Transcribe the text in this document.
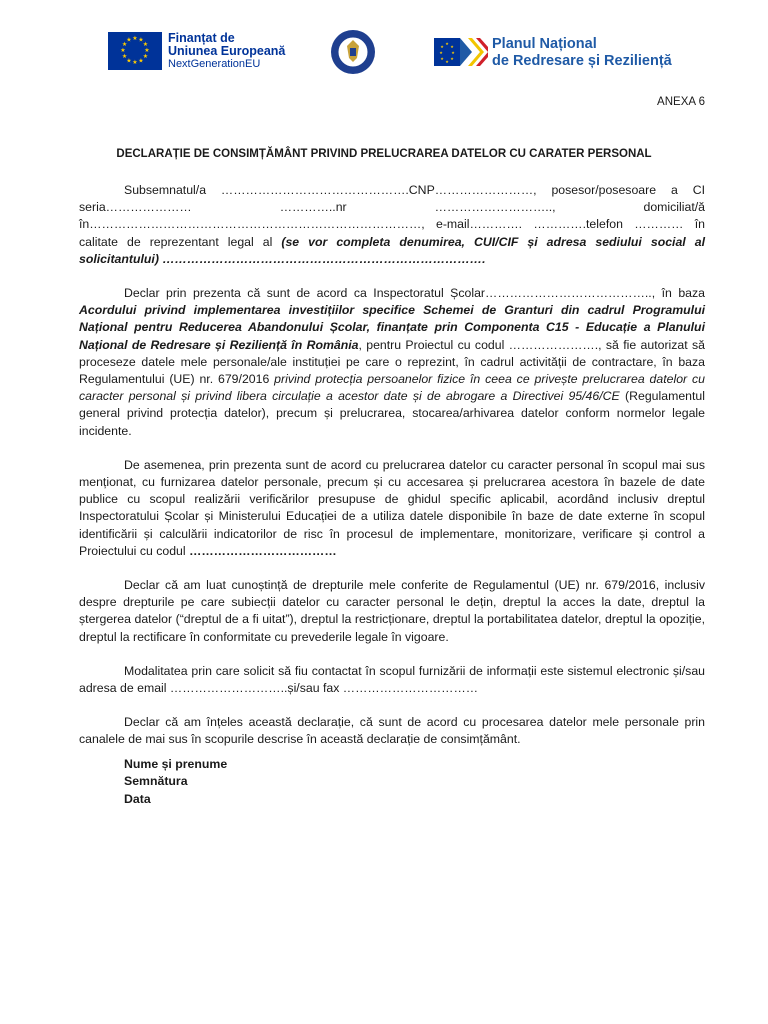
★ ★
★
★
★
★
★
★
★
★
★
★	Finanțat de
Uniunea Europeană
NextGenerationEU
★
★
★
★
★
★
★
★	Planul Național
de Redresare și Reziliență
ANEXA 6
DECLARAȚIE DE CONSIMȚĂMÂNT PRIVIND PRELUCRAREA DATELOR CU CARATER PERSONAL

Subsemnatul/a ……………………………………….CNP……………………, posesor/posesoare a CI seria………………… …………..nr ……………………….., domiciliat/ă în………………………………………………………………………, e-mail…………. ………….telefon ………… în calitate de reprezentant legal al (se vor completa denumirea, CUI/CIF și adresa sediului social al solicitantului) …………………………………………………………………….

Declar prin prezenta că sunt de acord ca Inspectoratul Școlar………………………………….., în baza Acordului privind implementarea investițiilor specifice Schemei de Granturi din cadrul Programului Național pentru Reducerea Abandonului Școlar, finanțate prin Componenta C15 - Educație a Planului Național de Redresare și Reziliență în România, pentru Proiectul cu codul …………………., să fie autorizat să proceseze datele mele personale/ale instituției pe care o reprezint, în cadrul activității de contractare, în baza Regulamentului (UE) nr. 679/2016 privind protecția persoanelor fizice în ceea ce privește prelucrarea datelor cu caracter personal și privind libera circulație a acestor date și de abrogare a Directivei 95/46/CE (Regulamentul general privind protecția datelor), precum și prelucrarea, stocarea/arhivarea datelor conform normelor legale incidente.

De asemenea, prin prezenta sunt de acord cu prelucrarea datelor cu caracter personal în scopul mai sus menționat, cu furnizarea datelor personale, precum și cu accesarea și prelucrarea acestora în bazele de date publice cu scopul realizării verificărilor presupuse de ghidul specific aplicabil, acordând inclusiv dreptul Inspectoratului Școlar și Ministerului Educației de a utiliza datele disponibile în baze de date externe în scopul identificării și calculării indicatorilor de risc în procesul de implementare, monitorizare, verificare și control a Proiectului cu codul ………………………………

Declar că am luat cunoștință de drepturile mele conferite de Regulamentul (UE) nr. 679/2016, inclusiv despre drepturile pe care subiecții datelor cu caracter personal le dețin, dreptul la acces la date, dreptul la ștergerea datelor (“dreptul de a fi uitat”), dreptul la restricționare, dreptul la portabilitatea datelor, dreptul la opoziție, dreptul la rectificare în conformitate cu prevederile legale în vigoare.

Modalitatea prin care solicit să fiu contactat în scopul furnizării de informații este sistemul electronic și/sau adresa de email ………………………..și/sau fax ……………………………

Declar că am înțeles această declarație, că sunt de acord cu procesarea datelor mele personale prin canalele de mai sus în scopurile descrise în această declarație de consimțământ.

Nume și prenume
Semnătura
Data
